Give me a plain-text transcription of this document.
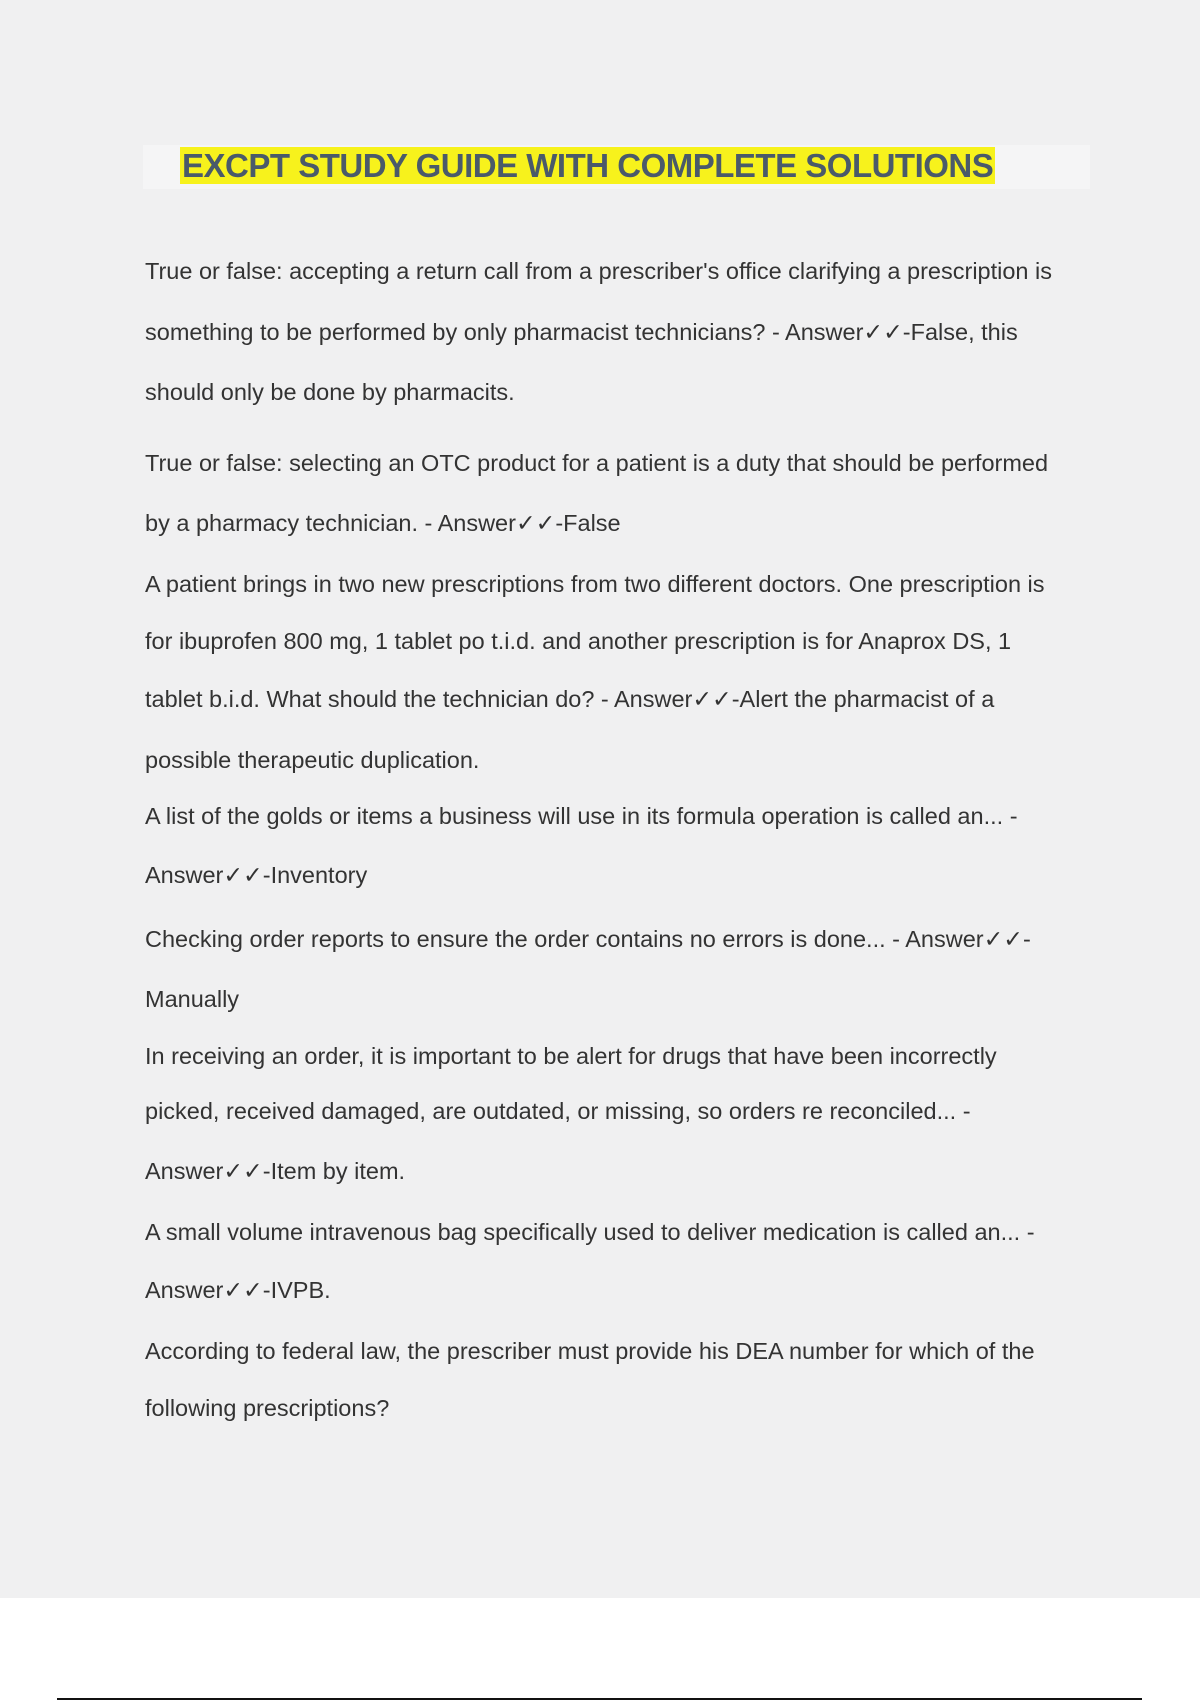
EXCPT STUDY GUIDE WITH COMPLETE SOLUTIONS
True or false: accepting a return call from a prescriber's office clarifying a prescription is
something to be performed by only pharmacist technicians? - Answer✓✓-False, this
should only be done by pharmacits.
True or false: selecting an OTC product for a patient is a duty that should be performed
by a pharmacy technician. - Answer✓✓-False
A patient brings in two new prescriptions from two different doctors. One prescription is
for ibuprofen 800 mg, 1 tablet po t.i.d. and another prescription is for Anaprox DS, 1
tablet b.i.d. What should the technician do? - Answer✓✓-Alert the pharmacist of a
possible therapeutic duplication.
A list of the golds or items a business will use in its formula operation is called an... -
Answer✓✓-Inventory
Checking order reports to ensure the order contains no errors is done... - Answer✓✓-
Manually
In receiving an order, it is important to be alert for drugs that have been incorrectly
picked, received damaged, are outdated, or missing, so orders re reconciled... -
Answer✓✓-Item by item.
A small volume intravenous bag specifically used to deliver medication is called an... -
Answer✓✓-IVPB.
According to federal law, the prescriber must provide his DEA number for which of the
following prescriptions?
